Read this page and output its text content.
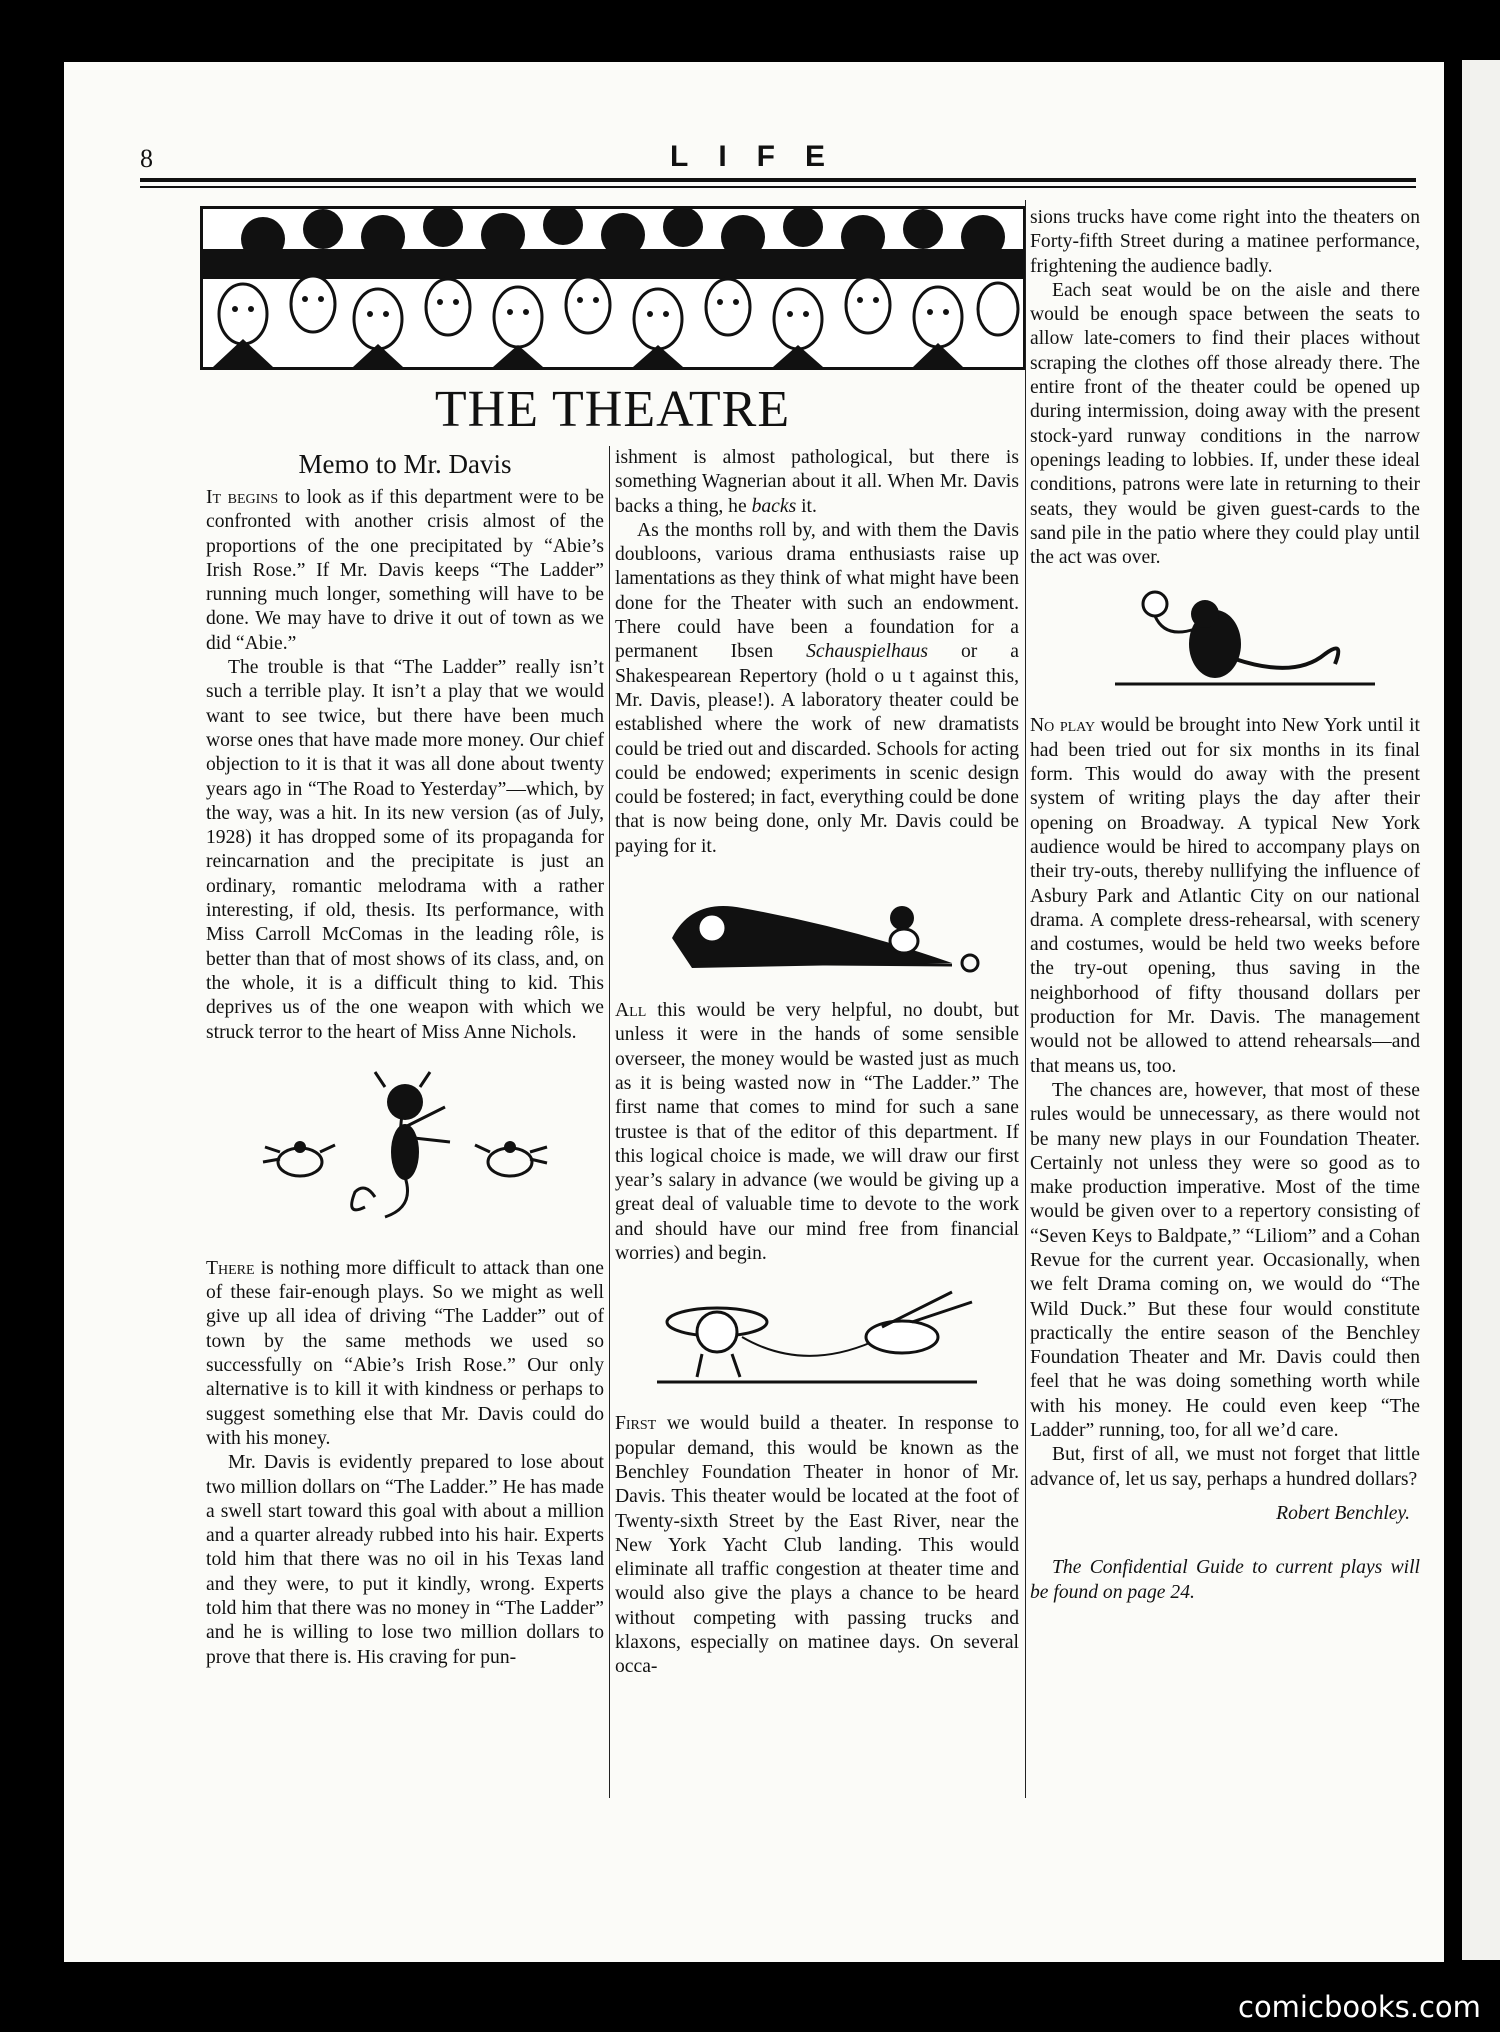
8	LIFE
THE THEATRE
Memo to Mr. Davis

It begins to look as if this department were to be confronted with another crisis almost of the proportions of the one precipitated by “Abie’s Irish Rose.” If Mr. Davis keeps “The Ladder” running much longer, something will have to be done. We may have to drive it out of town as we did “Abie.”

The trouble is that “The Ladder” really isn’t such a terrible play. It isn’t a play that we would want to see twice, but there have been much worse ones that have made more money. Our chief objection to it is that it was all done about twenty years ago in “The Road to Yesterday”—which, by the way, was a hit. In its new version (as of July, 1928) it has dropped some of its propaganda for reincarnation and the precipitate is just an ordinary, romantic melodrama with a rather interesting, if old, thesis. Its performance, with Miss Carroll McComas in the leading rôle, is better than that of most shows of its class, and, on the whole, it is a difficult thing to kid. This deprives us of the one weapon with which we struck terror to the heart of Miss Anne Nichols.

There is nothing more difficult to attack than one of these fair-enough plays. So we might as well give up all idea of driving “The Ladder” out of town by the same methods we used so successfully on “Abie’s Irish Rose.” Our only alternative is to kill it with kindness or perhaps to suggest something else that Mr. Davis could do with his money.

Mr. Davis is evidently prepared to lose about two million dollars on “The Ladder.” He has made a swell start toward this goal with about a million and a quarter already rubbed into his hair. Experts told him that there was no oil in his Texas land and they were, to put it kindly, wrong. Experts told him that there was no money in “The Ladder” and he is willing to lose two million dollars to prove that there is. His craving for pun-

ishment is almost pathological, but there is something Wagnerian about it all. When Mr. Davis backs a thing, he backs it.

As the months roll by, and with them the Davis doubloons, various drama enthusiasts raise up lamentations as they think of what might have been done for the Theater with such an endowment. There could have been a foundation for a permanent Ibsen Schauspielhaus or a Shakespearean Repertory (hold o u t against this, Mr. Davis, please!). A laboratory theater could be established where the work of new dramatists could be tried out and discarded. Schools for acting could be endowed; experiments in scenic design could be fostered; in fact, everything could be done that is now being done, only Mr. Davis could be paying for it.

All this would be very helpful, no doubt, but unless it were in the hands of some sensible overseer, the money would be wasted just as much as it is being wasted now in “The Ladder.” The first name that comes to mind for such a sane trustee is that of the editor of this department. If this logical choice is made, we will draw our first year’s salary in advance (we would be giving up a great deal of valuable time to devote to the work and should have our mind free from financial worries) and begin.

First we would build a theater. In response to popular demand, this would be known as the Benchley Foundation Theater in honor of Mr. Davis. This theater would be located at the foot of Twenty-sixth Street by the East River, near the New York Yacht Club landing. This would eliminate all traffic congestion at theater time and would also give the plays a chance to be heard without competing with passing trucks and klaxons, especially on matinee days. On several occa-

sions trucks have come right into the theaters on Forty-fifth Street during a matinee performance, frightening the audience badly.

Each seat would be on the aisle and there would be enough space between the seats to allow late-comers to find their places without scraping the clothes off those already there. The entire front of the theater could be opened up during intermission, doing away with the present stock-yard runway conditions in the narrow openings leading to lobbies. If, under these ideal conditions, patrons were late in returning to their seats, they would be given guest-cards to the sand pile in the patio where they could play until the act was over.

No play would be brought into New York until it had been tried out for six months in its final form. This would do away with the present system of writing plays the day after their opening on Broadway. A typical New York audience would be hired to accompany plays on their try-outs, thereby nullifying the influence of Asbury Park and Atlantic City on our national drama. A complete dress-rehearsal, with scenery and costumes, would be held two weeks before the try-out opening, thus saving in the neighborhood of fifty thousand dollars per production for Mr. Davis. The management would not be allowed to attend rehearsals—and that means us, too.

The chances are, however, that most of these rules would be unnecessary, as there would not be many new plays in our Foundation Theater. Certainly not unless they were so good as to make production imperative. Most of the time would be given over to a repertory consisting of “Seven Keys to Baldpate,” “Liliom” and a Cohan Revue for the current year. Occasionally, when we felt Drama coming on, we would do “The Wild Duck.” But these four would constitute practically the entire season of the Benchley Foundation Theater and Mr. Davis could then feel that he was doing something worth while with his money. He could even keep “The Ladder” running, too, for all we’d care.

But, first of all, we must not forget that little advance of, let us say, perhaps a hundred dollars?

Robert Benchley.
The Confidential Guide to current plays will be found on page 24.
comicbooks.com
